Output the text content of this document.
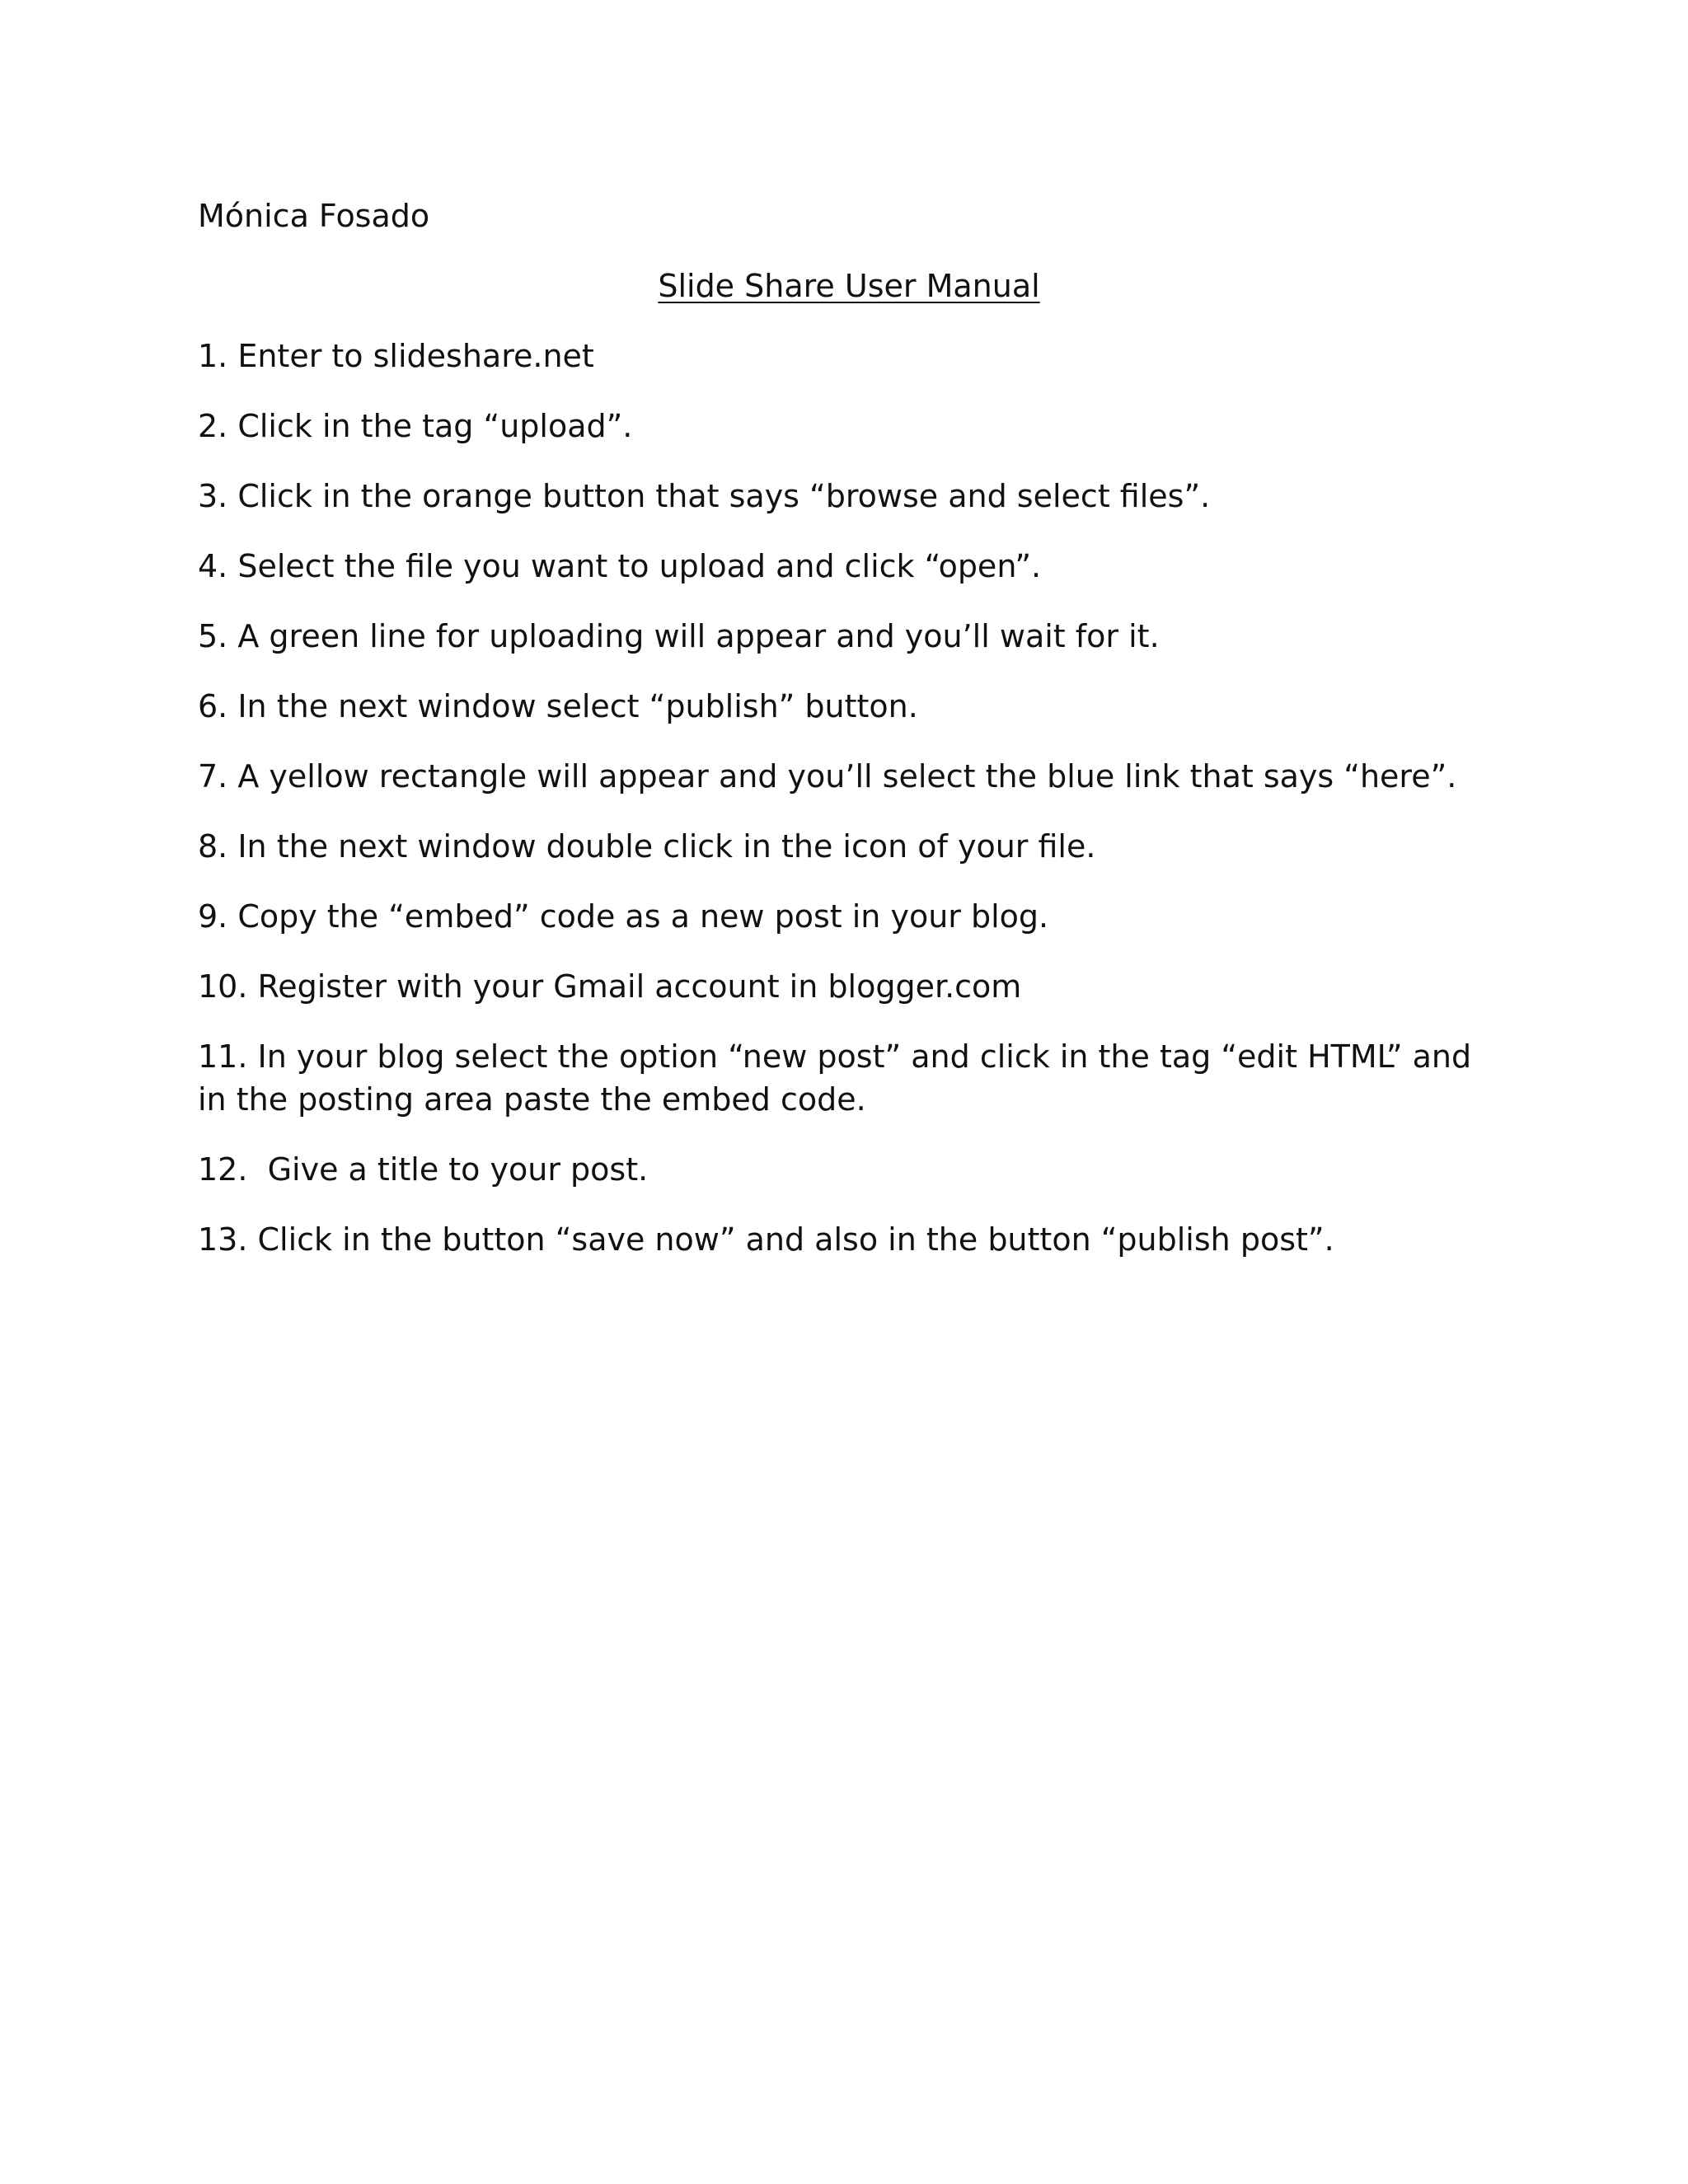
Mónica Fosado

Slide Share User Manual
1. Enter to slideshare.net
2. Click in the tag “upload”.
3. Click in the orange button that says “browse and select files”.
4. Select the file you want to upload and click “open”.
5. A green line for uploading will appear and you’ll wait for it.
6. In the next window select “publish” button.
7. A yellow rectangle will appear and you’ll select the blue link that says “here”.
8. In the next window double click in the icon of your file.
9. Copy the “embed” code as a new post in your blog.
10. Register with your Gmail account in blogger.com
11. In your blog select the option “new post” and click in the tag “edit HTML” and in the posting area paste the embed code.
12.  Give a title to your post.
13. Click in the button “save now” and also in the button “publish post”.
